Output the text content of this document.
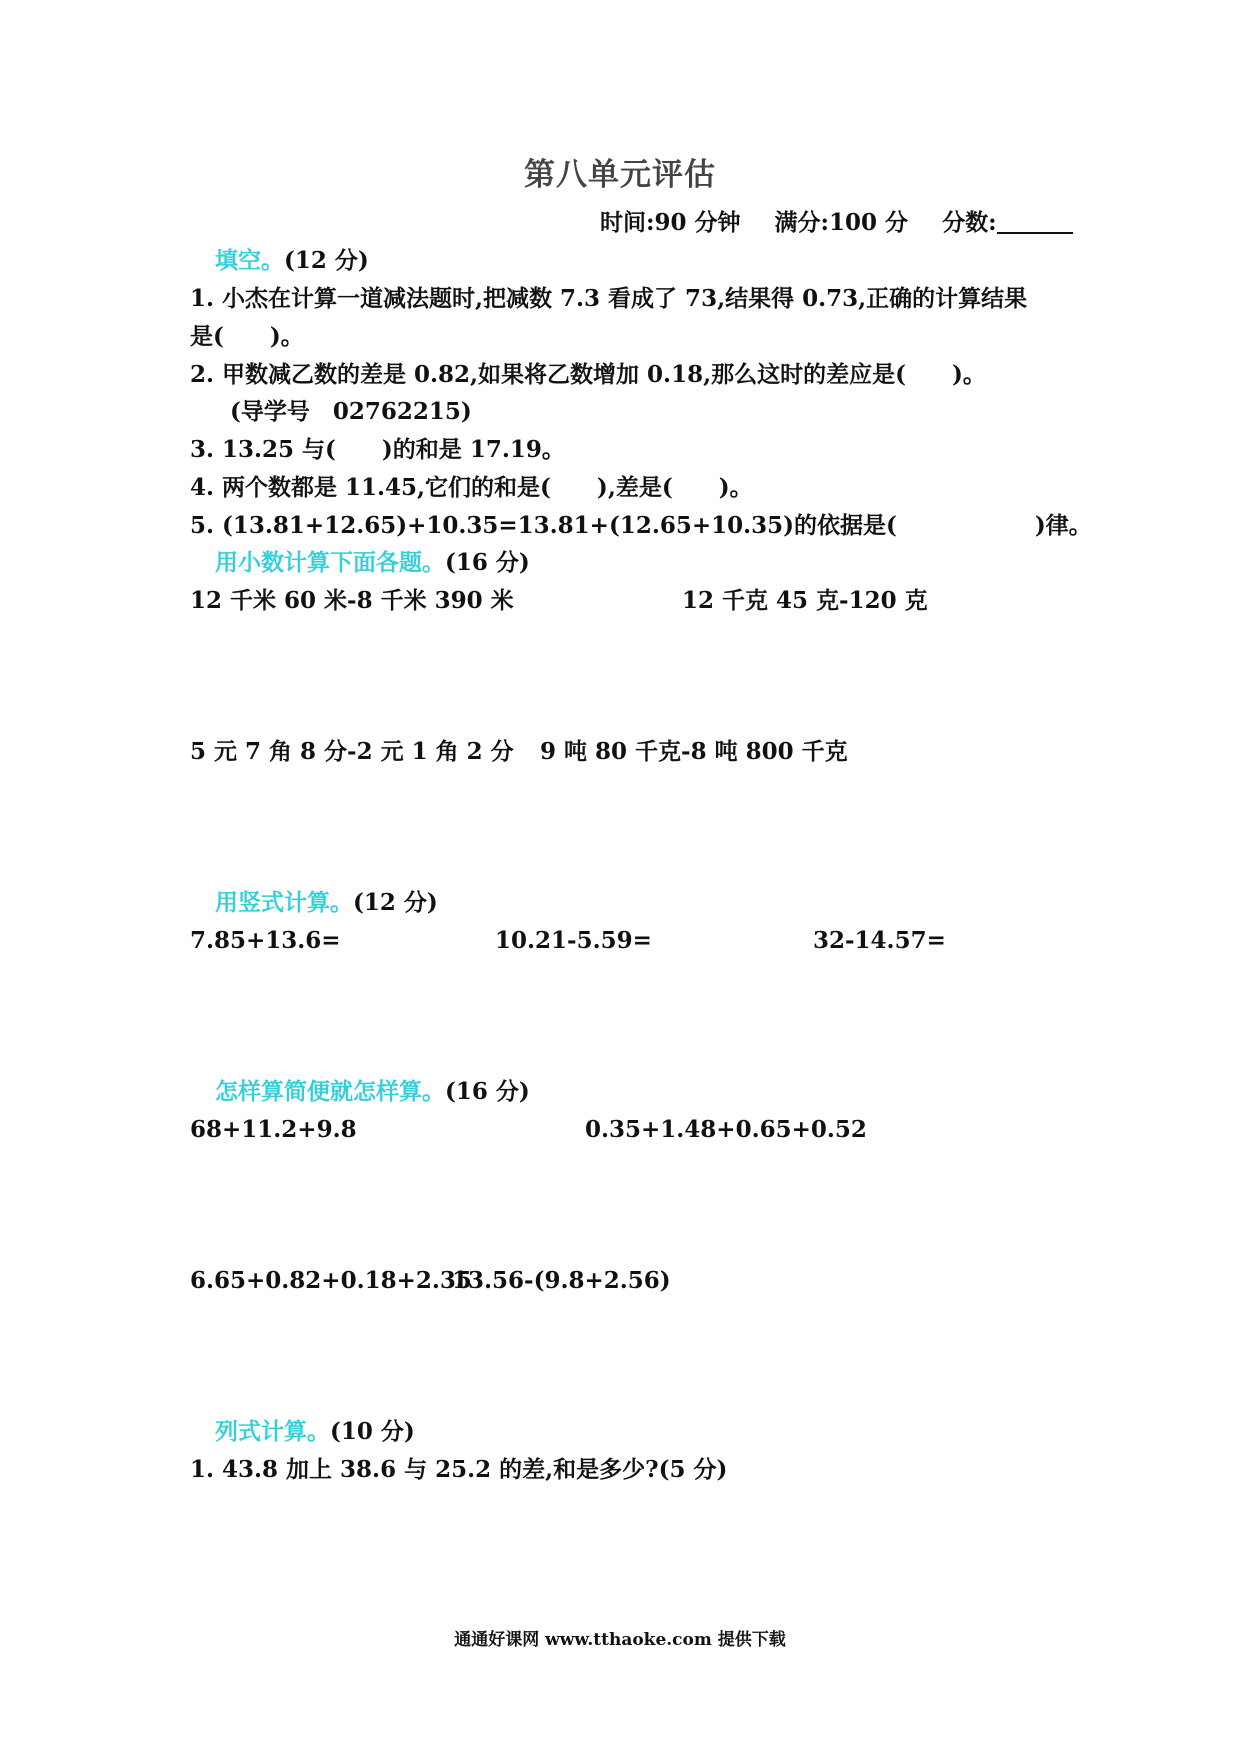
第八单元评估
时间:90 分钟 满分:100 分 分数:
填空。(12 分)
1. 小杰在计算一道减法题时,把减数 7.3 看成了 73,结果得 0.73,正确的计算结果
是(　　)。
2. 甲数减乙数的差是 0.82,如果将乙数增加 0.18,那么这时的差应是(　　)。
(导学号　02762215)
3. 13.25 与(　　)的和是 17.19。
4. 两个数都是 11.45,它们的和是(　　),差是(　　)。
5. (13.81+12.65)+10.35=13.81+(12.65+10.35)的依据是(　　　　　　)律。
用小数计算下面各题。(16 分)
12 千米 60 米-8 千米 390 米	12 千克 45 克-120 克
5 元 7 角 8 分-2 元 1 角 2 分 9 吨 80 千克-8 吨 800 千克
用竖式计算。(12 分)
7.85+13.6=	10.21-5.59=	32-14.57=
怎样算简便就怎样算。(16 分)
68+11.2+9.8	0.35+1.48+0.65+0.52
6.65+0.82+0.18+2.35
13.56-(9.8+2.56)
列式计算。(10 分)
1. 43.8 加上 38.6 与 25.2 的差,和是多少?(5 分)
通通好课网 www.tthaoke.com 提供下载
